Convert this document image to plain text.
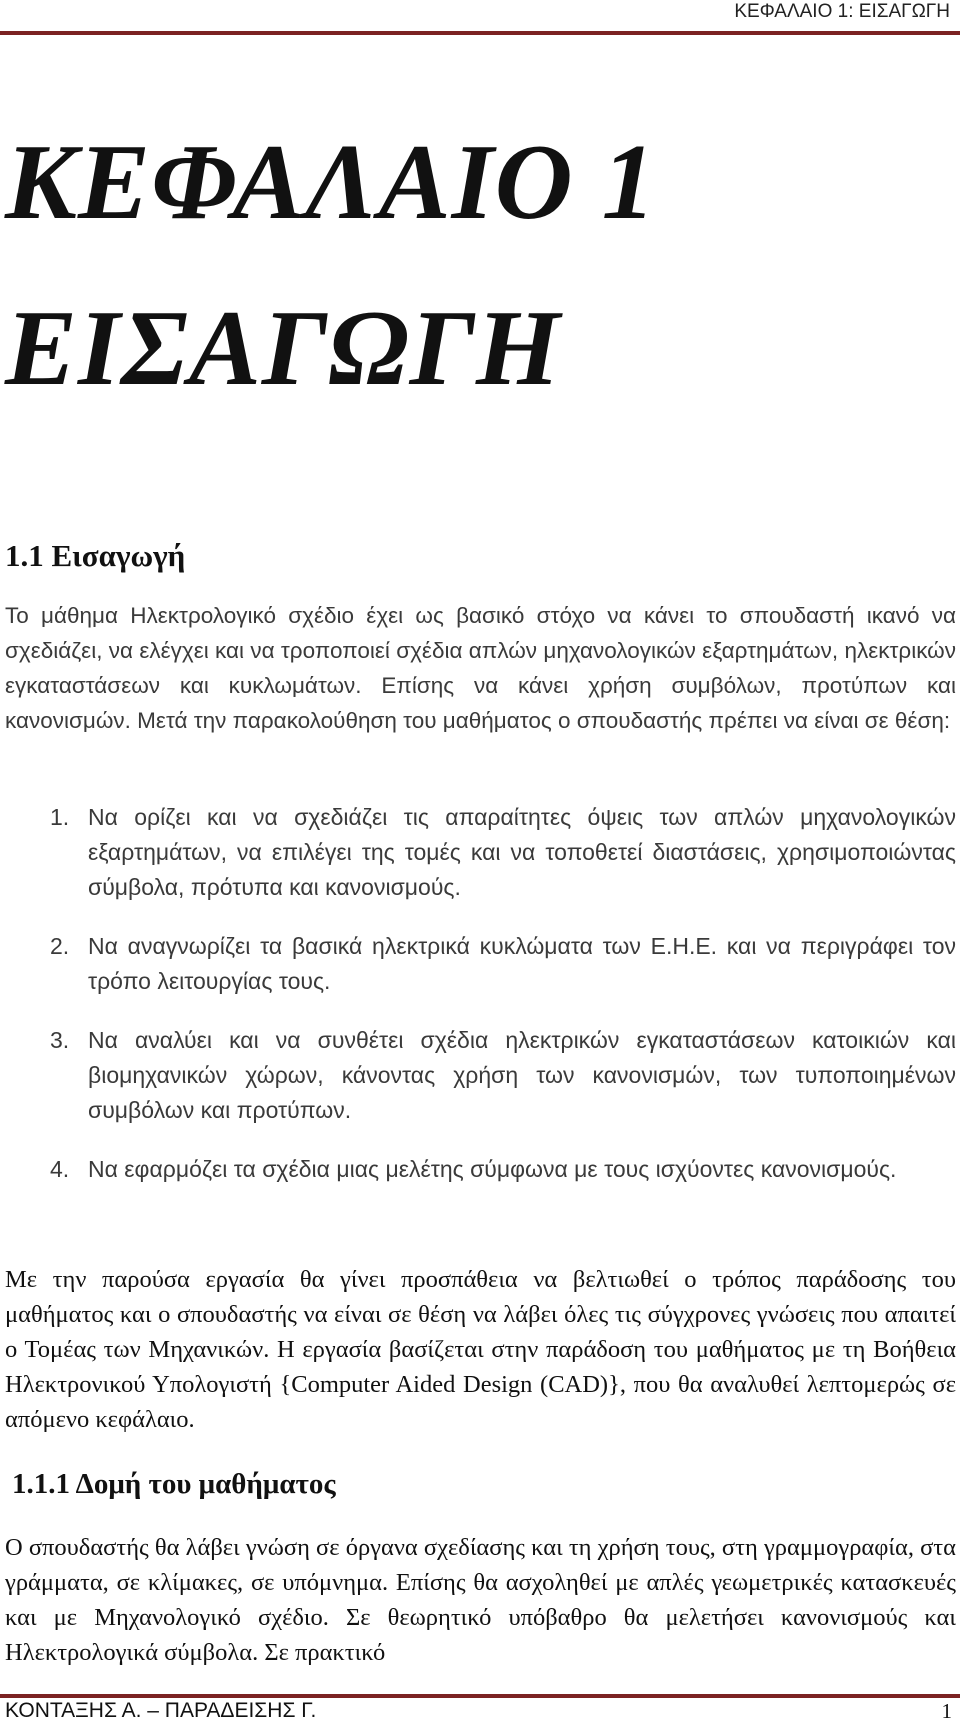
ΚΕΦΑΛΑΙΟ 1: ΕΙΣΑΓΩΓΗ
ΚΕΦΑΛΑΙΟ 1
ΕΙΣΑΓΩΓΗ
1.1 Εισαγωγή

Το μάθημα Ηλεκτρολογικό σχέδιο έχει ως βασικό στόχο να κάνει το σπουδαστή ικανό να σχεδιάζει, να ελέγχει και να τροποποιεί σχέδια απλών μηχανολογικών εξαρτημάτων, ηλεκτρικών εγκαταστάσεων και κυκλωμάτων. Επίσης να κάνει χρήση συμβόλων, προτύπων και κανονισμών. Μετά την παρακολούθηση του μαθήματος ο σπουδαστής πρέπει να είναι σε θέση:

1. Να ορίζει και να σχεδιάζει τις απαραίτητες όψεις των απλών μηχανολογικών εξαρτημάτων, να επιλέγει της τομές και να τοποθετεί διαστάσεις, χρησιμοποιώντας σύμβολα, πρότυπα και κανονισμούς.
2. Να αναγνωρίζει τα βασικά ηλεκτρικά κυκλώματα των Ε.Η.Ε. και να περιγράφει τον τρόπο λειτουργίας τους.
3. Να αναλύει και να συνθέτει σχέδια ηλεκτρικών εγκαταστάσεων κατοικιών και βιομηχανικών χώρων, κάνοντας χρήση των κανονισμών, των τυποποιημένων συμβόλων και προτύπων.
4. Να εφαρμόζει τα σχέδια μιας μελέτης σύμφωνα με τους ισχύοντες κανονισμούς.

Με την παρούσα εργασία θα γίνει προσπάθεια να βελτιωθεί ο τρόπος παράδοσης του μαθήματος και ο σπουδαστής να είναι σε θέση να λάβει όλες τις σύγχρονες γνώσεις που απαιτεί ο Τομέας των Μηχανικών. Η εργασία βασίζεται στην παράδοση του μαθήματος με τη Βοήθεια Ηλεκτρονικού Υπολογιστή {Computer Aided Design (CAD)}, που θα αναλυθεί λεπτομερώς σε απόμενο κεφάλαιο.

1.1.1 Δομή του μαθήματος

Ο σπουδαστής θα λάβει γνώση σε όργανα σχεδίασης και τη χρήση τους, στη γραμμογραφία, στα γράμματα, σε κλίμακες, σε υπόμνημα. Επίσης θα ασχοληθεί με απλές γεωμετρικές κατασκευές και με Μηχανολογικό σχέδιο. Σε θεωρητικό υπόβαθρο θα μελετήσει κανονισμούς και Ηλεκτρολογικά σύμβολα. Σε πρακτικό

ΚΟΝΤΑΞΗΣ Α. – ΠΑΡΑΔΕΙΣΗΣ Γ.	1
